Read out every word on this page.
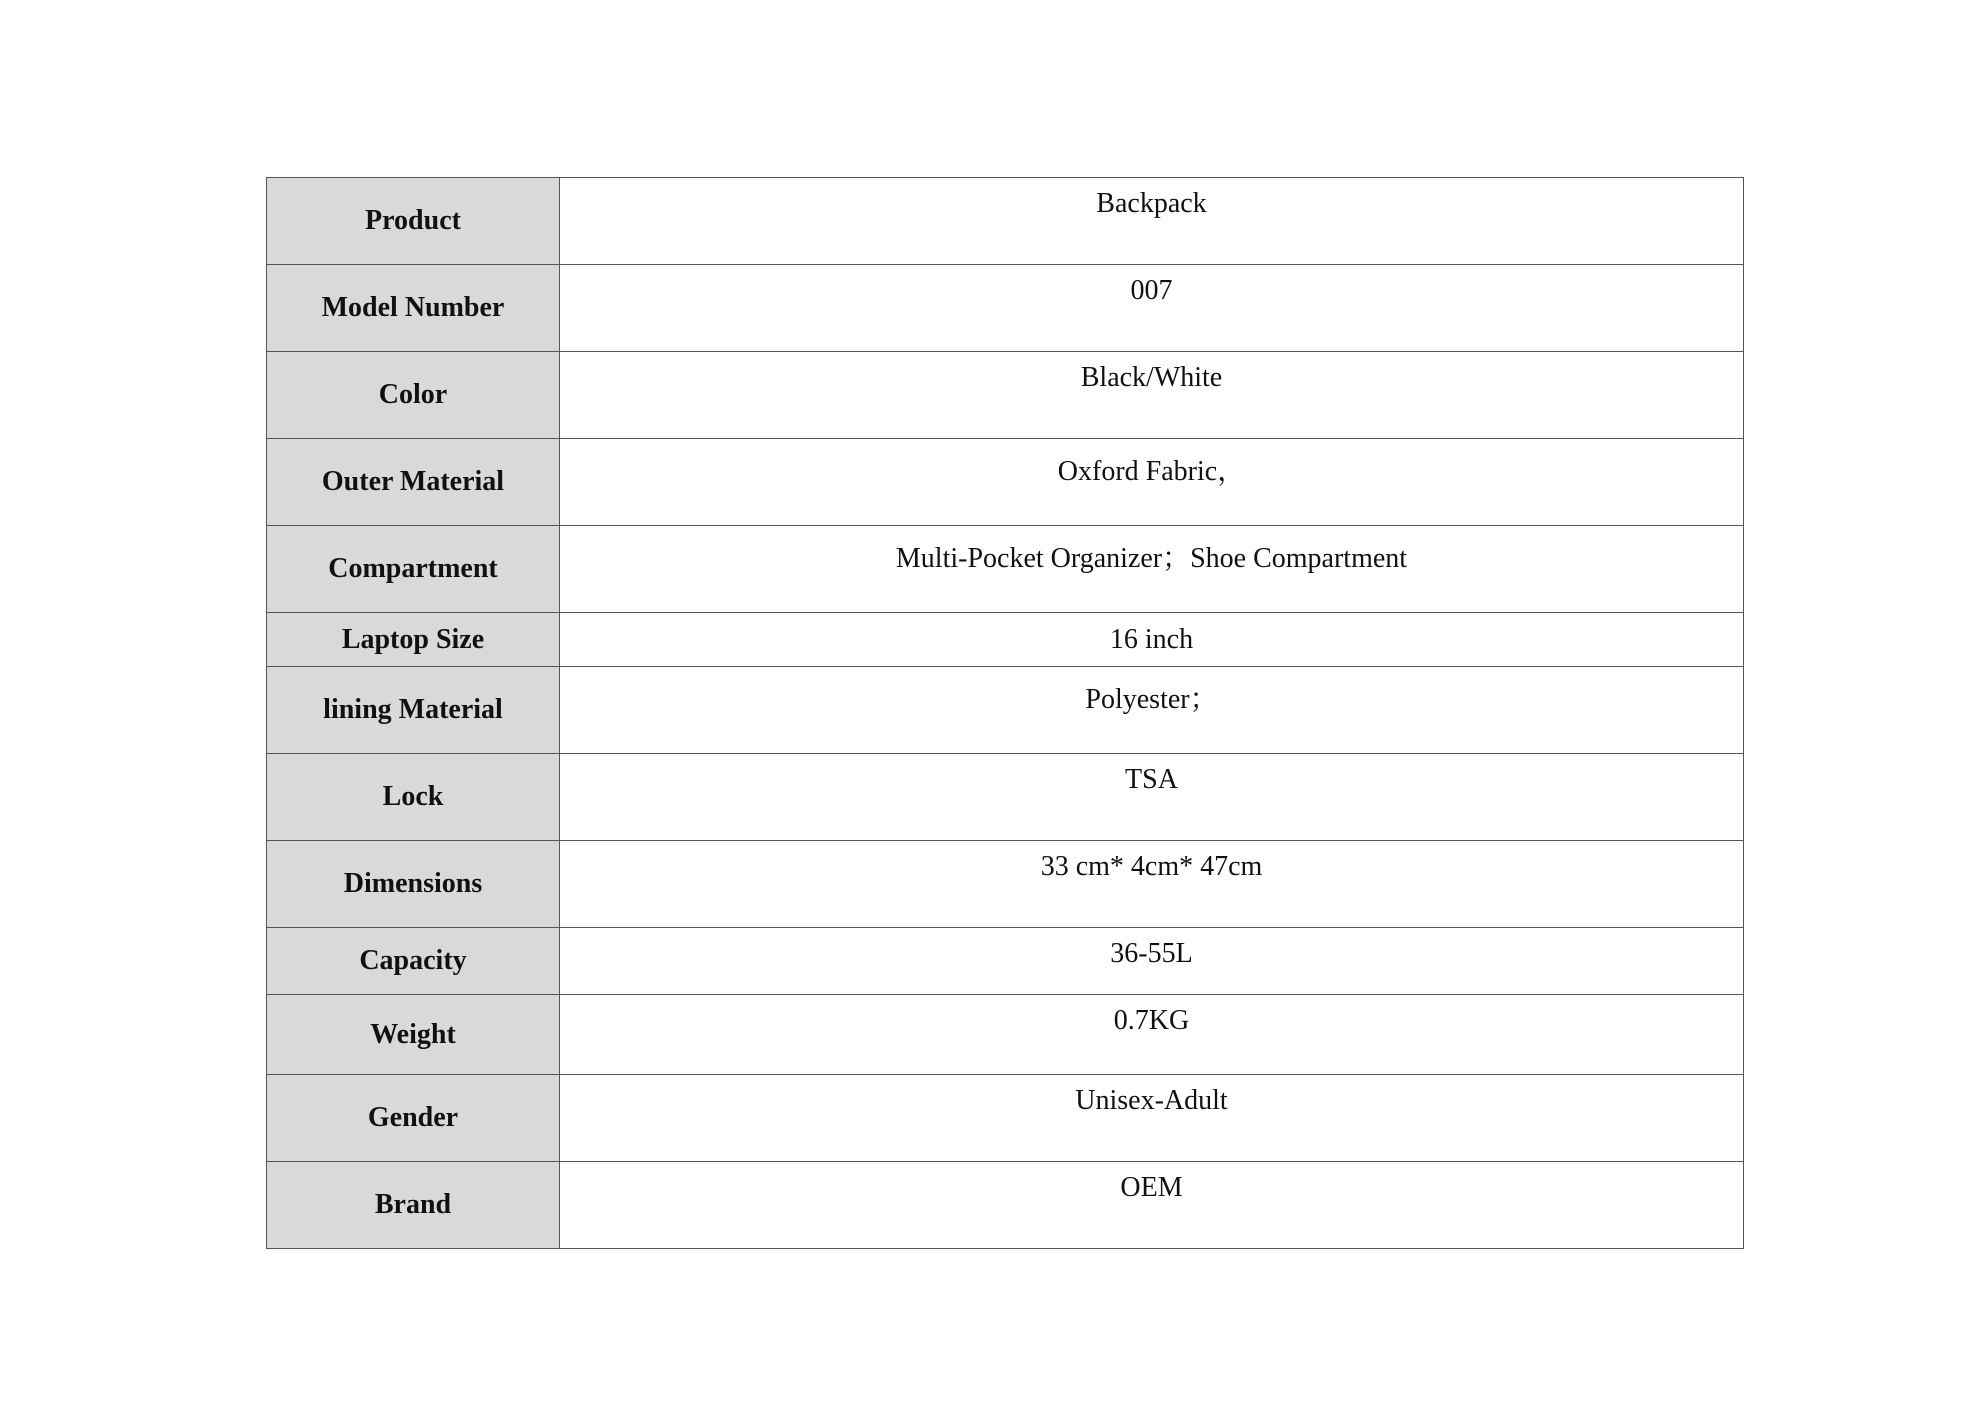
Product	Backpack
Model Number	007
Color	Black/White
Outer Material	Oxford Fabric，
Compartment	Multi-Pocket Organizer；Shoe Compartment
Laptop Size	16 inch
lining Material	Polyester；
Lock	TSA
Dimensions	33 cm* 4cm* 47cm
Capacity	36-55L
Weight	0.7KG
Gender	Unisex-Adult
Brand	OEM
